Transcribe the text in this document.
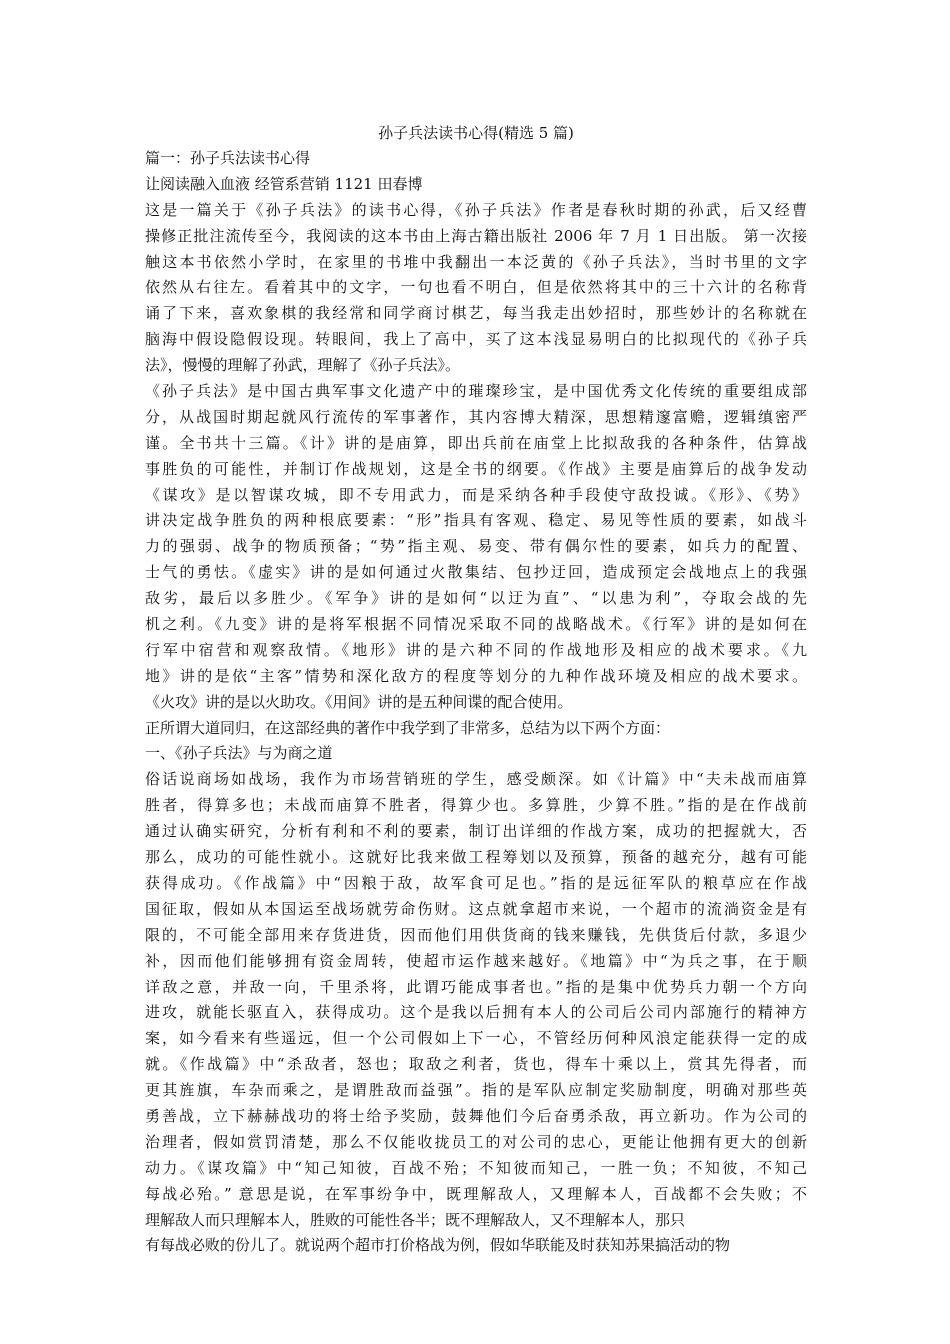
孙子兵法读书心得(精选 5 篇)

篇一：孙子兵法读书心得

让阅读融入血液 经管系营销 1121 田春博

这是一篇关于《孙子兵法》的读书心得，《孙子兵法》作者是春秋时期的孙武，后又经曹

操修正批注流传至今，我阅读的这本书由上海古籍出版社 2006 年 7 月 1 日出版。 第一次接

触这本书依然小学时，在家里的书堆中我翻出一本泛黄的《孙子兵法》，当时书里的文字

依然从右往左。看着其中的文字，一句也看不明白，但是依然将其中的三十六计的名称背

诵了下来，喜欢象棋的我经常和同学商讨棋艺，每当我走出妙招时，那些妙计的名称就在

脑海中假设隐假设现。转眼间，我上了高中，买了这本浅显易明白的比拟现代的《孙子兵

法》，慢慢的理解了孙武，理解了《孙子兵法》。

《孙子兵法》是中国古典军事文化遗产中的璀璨珍宝，是中国优秀文化传统的重要组成部

分，从战国时期起就风行流传的军事著作，其内容博大精深，思想精邃富赡，逻辑缜密严

谨。全书共十三篇。《计》讲的是庙算，即出兵前在庙堂上比拟敌我的各种条件，估算战

事胜负的可能性，并制订作战规划，这是全书的纲要。《作战》主要是庙算后的战争发动

《谋攻》是以智谋攻城，即不专用武力，而是采纳各种手段使守敌投诚。《形》、《势》

讲决定战争胜负的两种根底要素：“形”指具有客观、稳定、易见等性质的要素，如战斗

力的强弱、战争的物质预备；“势”指主观、易变、带有偶尔性的要素，如兵力的配置、

士气的勇怯。《虚实》讲的是如何通过火散集结、包抄迂回，造成预定会战地点上的我强

敌劣，最后以多胜少。《军争》讲的是如何“以迂为直”、“以患为利”，夺取会战的先

机之利。《九变》讲的是将军根据不同情况采取不同的战略战术。《行军》讲的是如何在

行军中宿营和观察敌情。《地形》讲的是六种不同的作战地形及相应的战术要求。《九

地》讲的是依“主客”情势和深化敌方的程度等划分的九种作战环境及相应的战术要求。

《火攻》讲的是以火助攻。《用间》讲的是五种间谍的配合使用。

正所谓大道同归，在这部经典的著作中我学到了非常多，总结为以下两个方面：

一、《孙子兵法》与为商之道

俗话说商场如战场，我作为市场营销班的学生，感受颇深。如《计篇》中“夫未战而庙算

胜者，得算多也；未战而庙算不胜者，得算少也。多算胜，少算不胜。”指的是在作战前

通过认确实研究，分析有利和不利的要素，制订出详细的作战方案，成功的把握就大，否

那么，成功的可能性就小。这就好比我来做工程筹划以及预算，预备的越充分，越有可能

获得成功。《作战篇》中“因粮于敌，故军食可足也。”指的是远征军队的粮草应在作战

国征取，假如从本国运至战场就劳命伤财。这点就拿超市来说，一个超市的流淌资金是有

限的，不可能全部用来存货进货，因而他们用供货商的钱来赚钱，先供货后付款，多退少

补，因而他们能够拥有资金周转，使超市运作越来越好。《地篇》中“为兵之事，在于顺

详敌之意，并敌一向，千里杀将，此谓巧能成事者也。”指的是集中优势兵力朝一个方向

进攻，就能长驱直入，获得成功。这个是我以后拥有本人的公司后公司内部施行的精神方

案，如今看来有些遥远，但一个公司假如上下一心，不管经历何种风浪定能获得一定的成

就。《作战篇》中“杀敌者，怒也；取敌之利者，货也，得车十乘以上，赏其先得者，而

更其旌旗，车杂而乘之，是谓胜敌而益强”。指的是军队应制定奖励制度，明确对那些英

勇善战，立下赫赫战功的将士给予奖励，鼓舞他们今后奋勇杀敌，再立新功。作为公司的

治理者，假如赏罚清楚，那么不仅能收拢员工的对公司的忠心，更能让他拥有更大的创新

动力。《谋攻篇》中“知己知彼，百战不殆；不知彼而知己，一胜一负；不知彼，不知己

每战必殆。” 意思是说，在军事纷争中，既理解敌人，又理解本人，百战都不会失败；不

理解敌人而只理解本人，胜败的可能性各半；既不理解敌人，又不理解本人，那只

有每战必败的份儿了。就说两个超市打价格战为例，假如华联能及时获知苏果搞活动的物
